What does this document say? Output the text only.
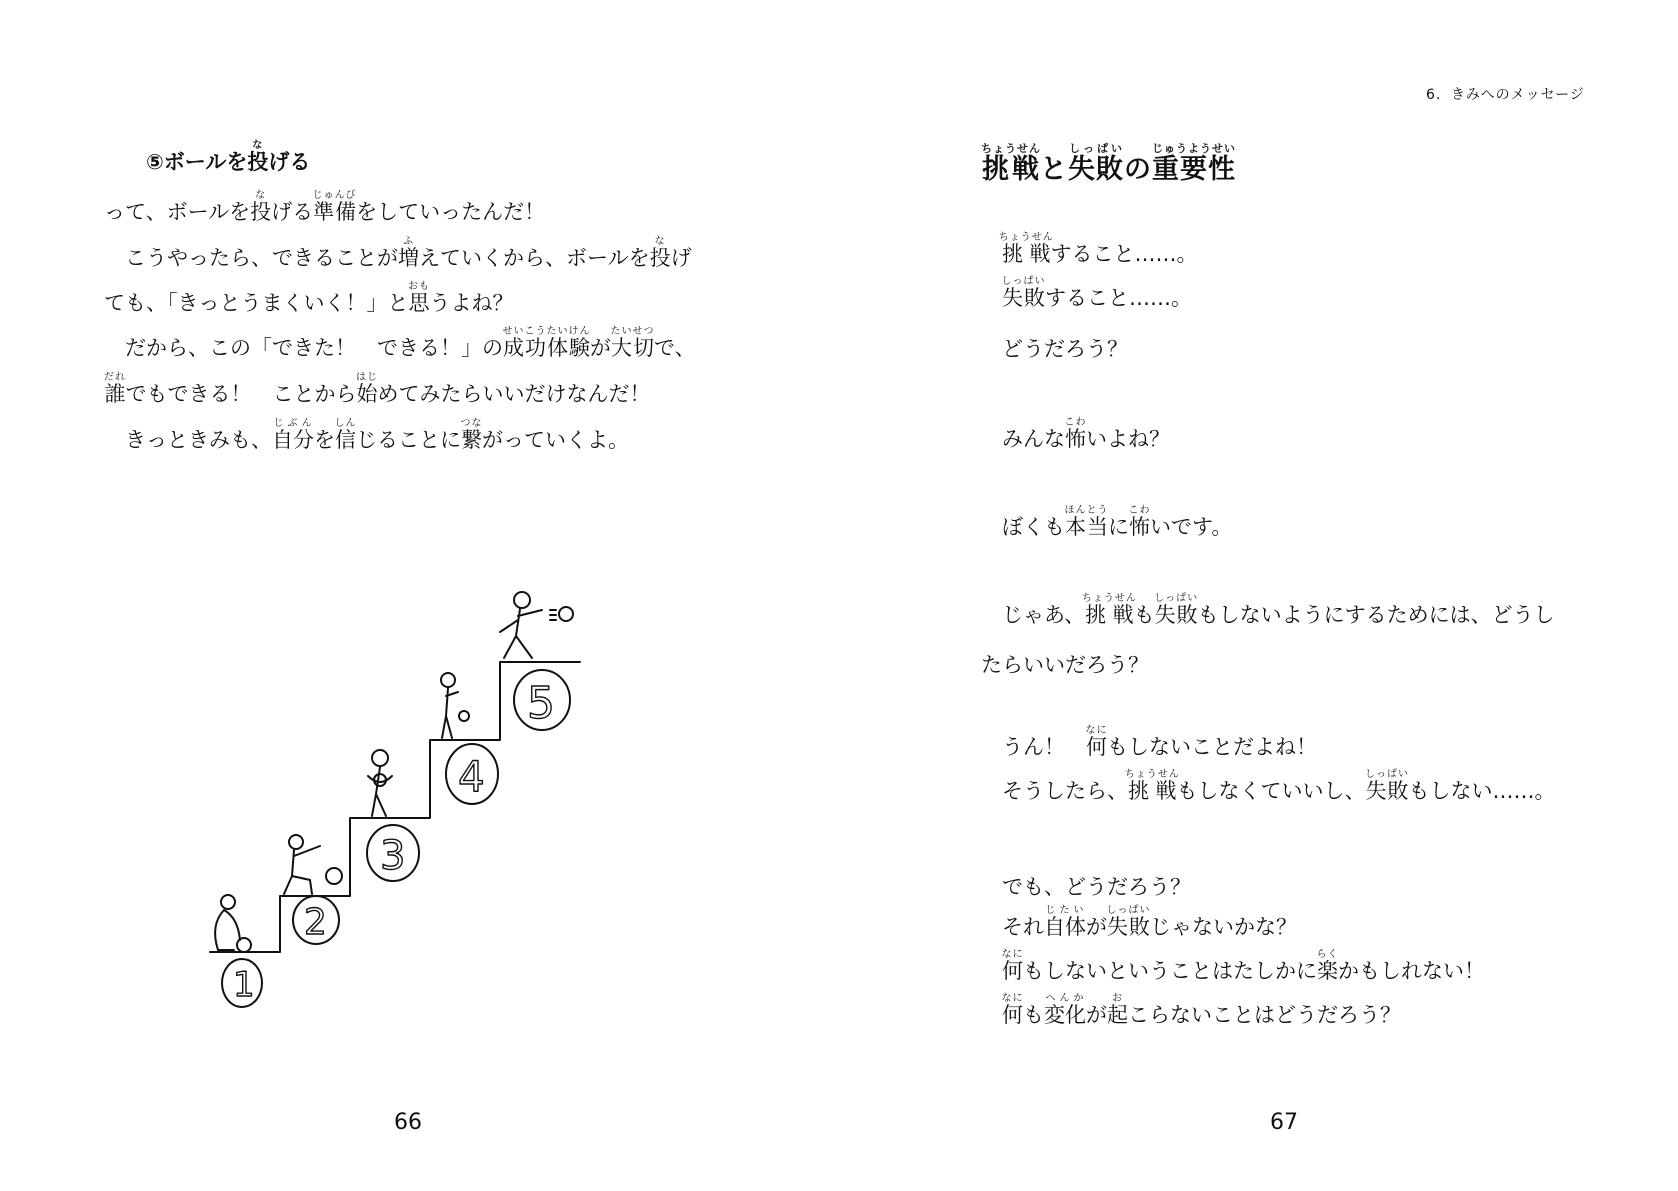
⑤ボールを投なげる
って、ボールを投なげる準備じゅんびをしていったんだ！
　こうやったら、できることが増ふえていくから、ボールを投なげ
ても、「きっとうまくいく！」と思おもうよね？
　だから、この「できた！　できる！」の成功体験せいこうたいけんが大切たいせつで、
誰だれでもできる！　ことから始はじめてみたらいいだけなんだ！
　きっときみも、自分じぶんを信しんじることに繋つながっていくよ。
1
2
3
4
5
66
6．きみへのメッセージ
挑戦ちょうせんと失敗しっぱいの重要性じゅうようせい
　挑戦ちょうせんすること……。
　失敗しっぱいすること……。
　どうだろう？
　みんな怖こわいよね？
　ぼくも本当ほんとうに怖こわいです。
　じゃあ、挑戦ちょうせんも失敗しっぱいもしないようにするためには、どうし
たらいいだろう？
　うん！　何なにもしないことだよね！
　そうしたら、挑戦ちょうせんもしなくていいし、失敗しっぱいもしない……。
　でも、どうだろう？
　それ自体じたいが失敗しっぱいじゃないかな？
　何なにもしないということはたしかに楽らくかもしれない！
　何なにも変化へんかが起おこらないことはどうだろう？
67
